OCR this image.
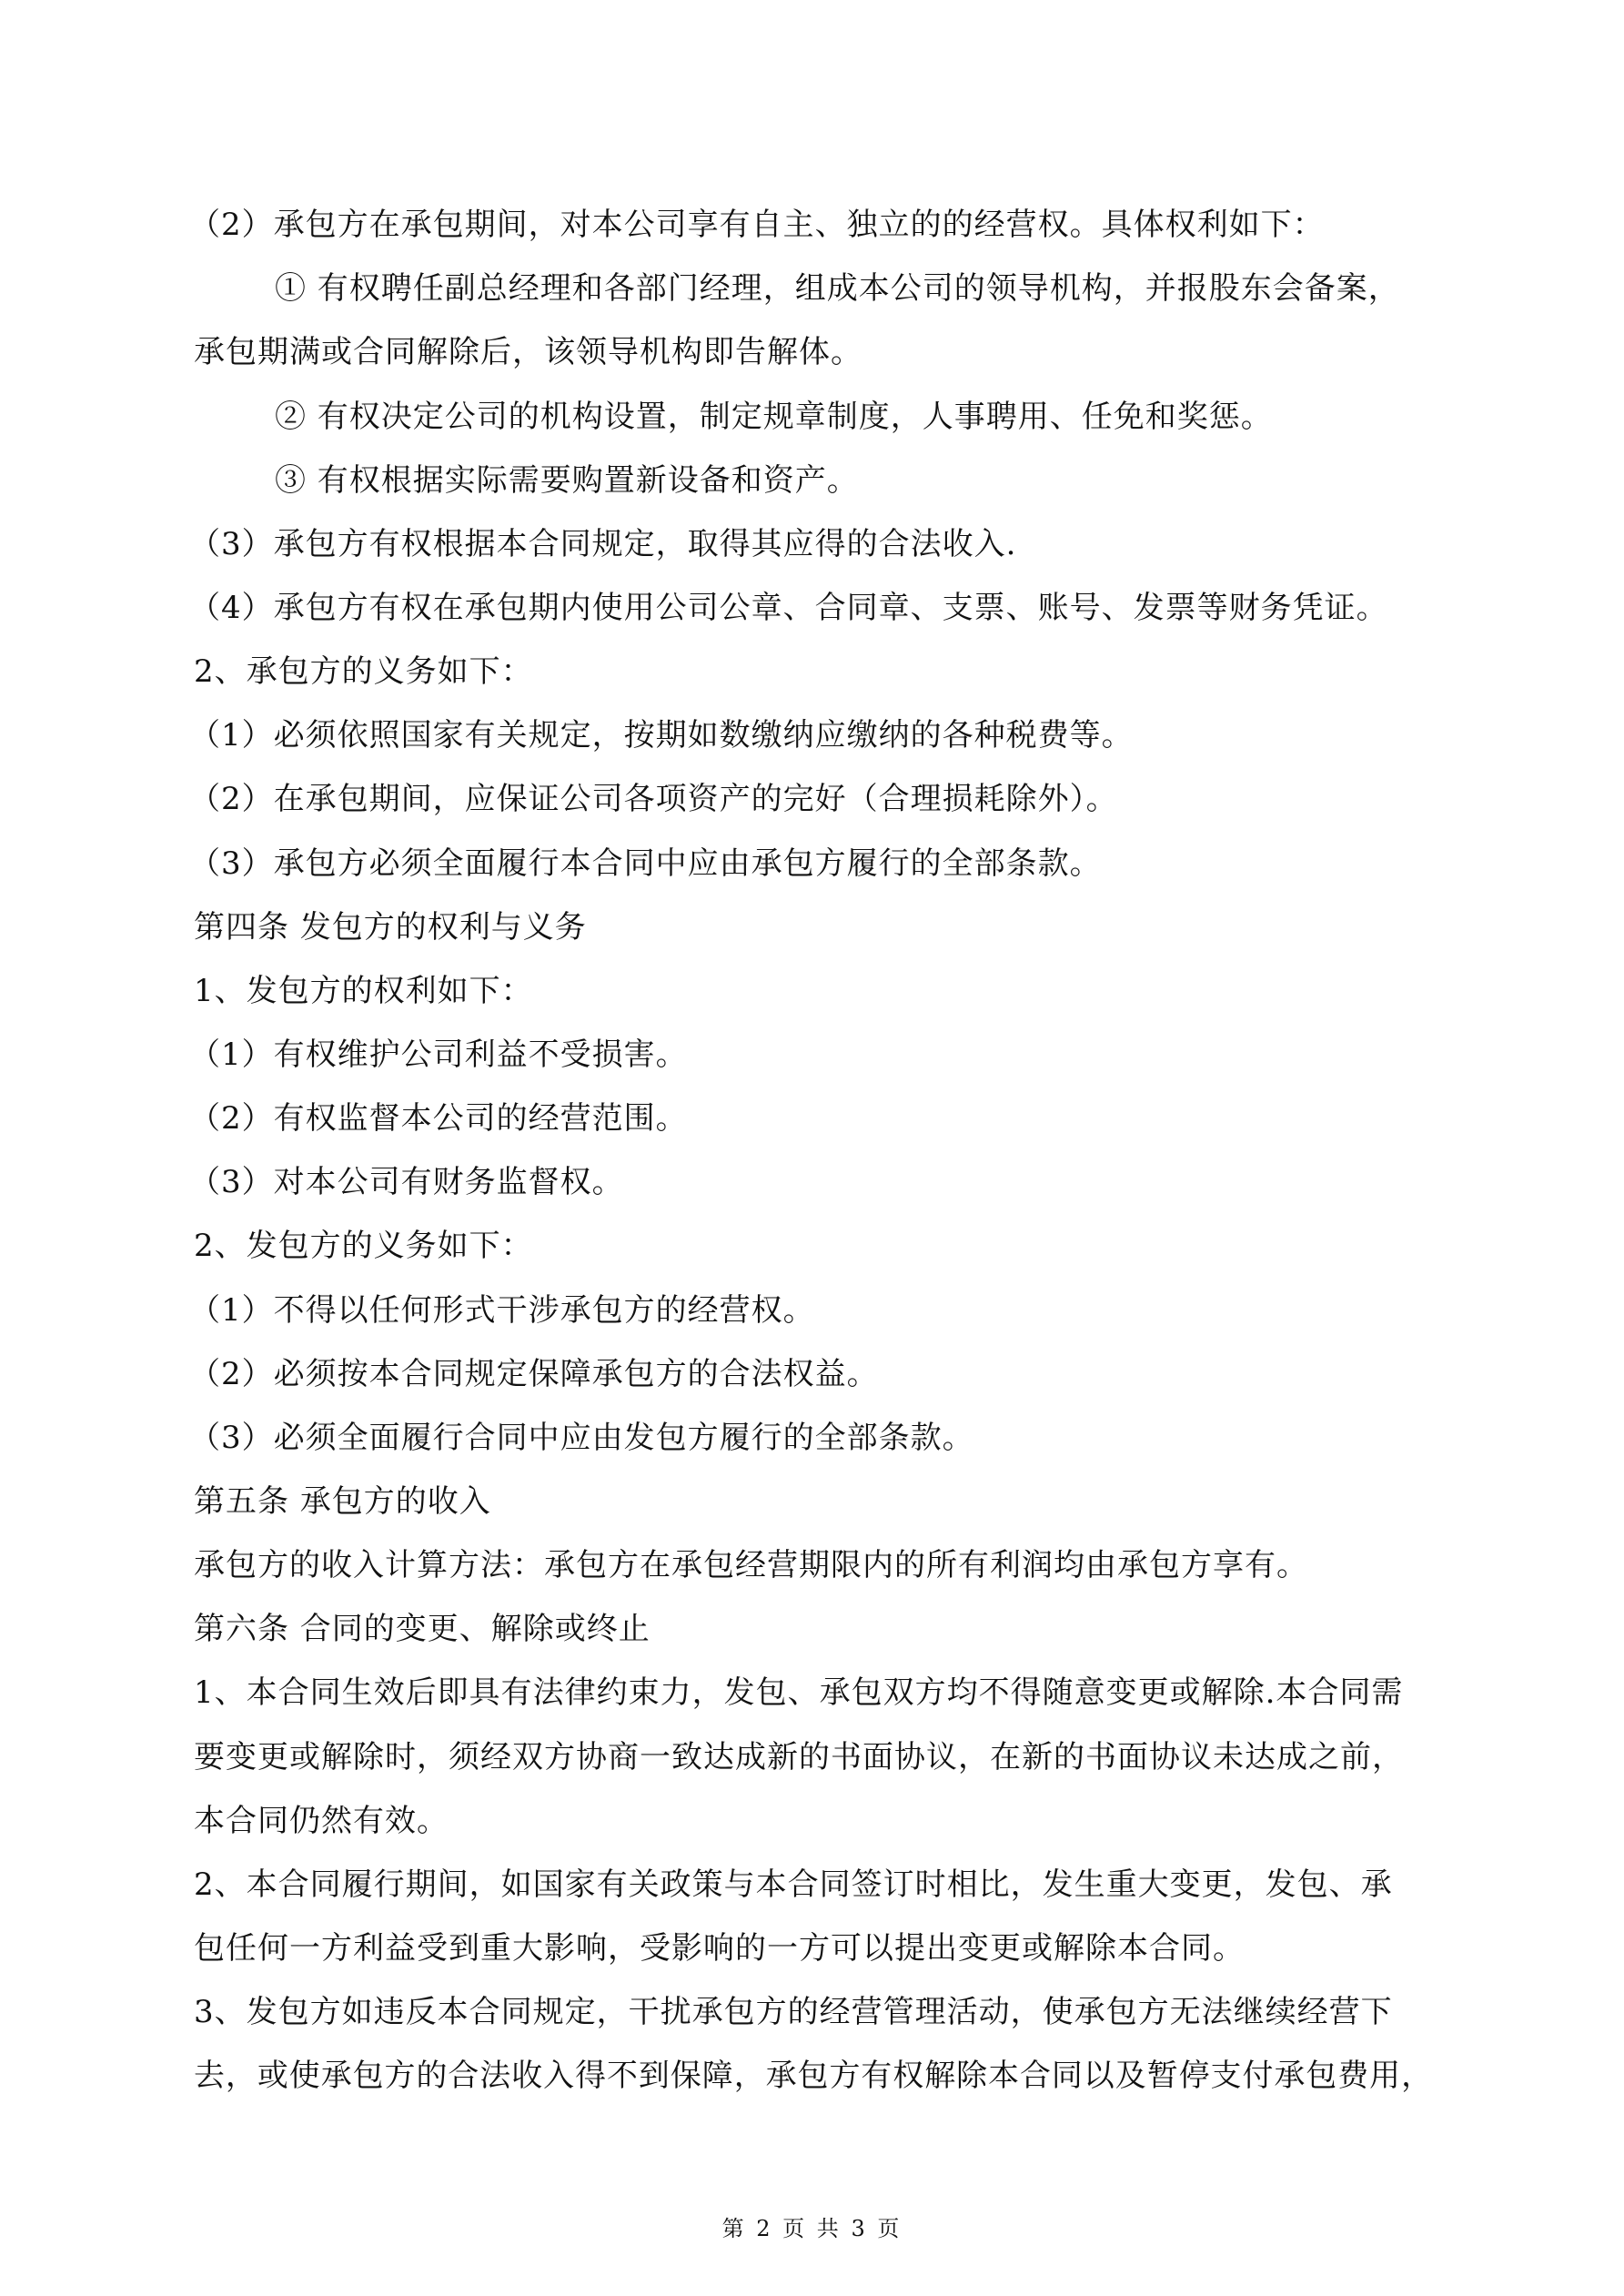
（2）承包方在承包期间，对本公司享有自主、独立的的经营权。具体权利如下：
① 有权聘任副总经理和各部门经理，组成本公司的领导机构，并报股东会备案，
承包期满或合同解除后，该领导机构即告解体。
② 有权决定公司的机构设置，制定规章制度，人事聘用、任免和奖惩。
③ 有权根据实际需要购置新设备和资产。
（3）承包方有权根据本合同规定，取得其应得的合法收入.
（4）承包方有权在承包期内使用公司公章、合同章、支票、账号、发票等财务凭证。
2、承包方的义务如下：
（1）必须依照国家有关规定，按期如数缴纳应缴纳的各种税费等。
（2）在承包期间，应保证公司各项资产的完好（合理损耗除外）。
（3）承包方必须全面履行本合同中应由承包方履行的全部条款。
第四条 发包方的权利与义务
1、发包方的权利如下：
（1）有权维护公司利益不受损害。
（2）有权监督本公司的经营范围。
（3）对本公司有财务监督权。
2、发包方的义务如下：
（1）不得以任何形式干涉承包方的经营权。
（2）必须按本合同规定保障承包方的合法权益。
（3）必须全面履行合同中应由发包方履行的全部条款。
第五条 承包方的收入
承包方的收入计算方法：承包方在承包经营期限内的所有利润均由承包方享有。
第六条 合同的变更、解除或终止
1、本合同生效后即具有法律约束力，发包、承包双方均不得随意变更或解除.本合同需
要变更或解除时，须经双方协商一致达成新的书面协议，在新的书面协议未达成之前，
本合同仍然有效。
2、本合同履行期间，如国家有关政策与本合同签订时相比，发生重大变更，发包、承
包任何一方利益受到重大影响，受影响的一方可以提出变更或解除本合同。
3、发包方如违反本合同规定，干扰承包方的经营管理活动，使承包方无法继续经营下
去，或使承包方的合法收入得不到保障，承包方有权解除本合同以及暂停支付承包费用，
第 2 页 共 3 页
